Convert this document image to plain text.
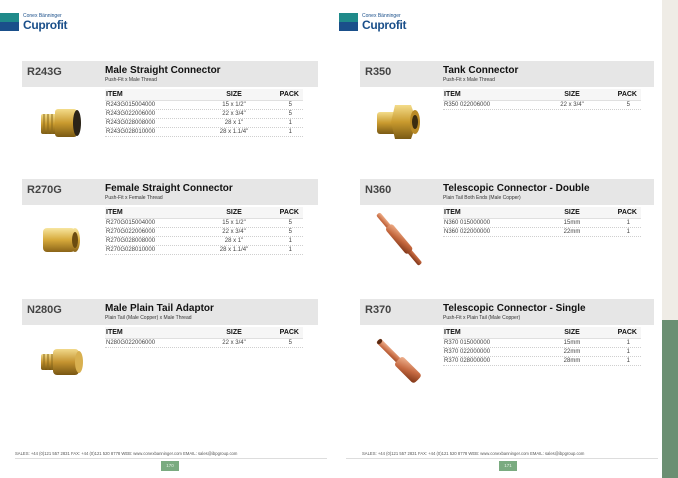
Conex Bänninger
Cuprofit
R243G	Male Straight Connector
Push-Fit x Male Thread
ITEM	SIZE	PACK
R243G015004000	15 x 1/2"	5
R243G022006000	22 x 3/4"	5
R243G028008000	28 x 1"	1
R243G028010000	28 x 1.1/4"	1
R270G	Female Straight Connector
Push-Fit x Female Thread
ITEM	SIZE	PACK
R270G015004000	15 x 1/2"	5
R270G022006000	22 x 3/4"	5
R270G028008000	28 x 1"	1
R270G028010000	28 x 1.1/4"	1
N280G	Male Plain Tail Adaptor
Plain Tail (Male Copper) x Male Thread
ITEM	SIZE	PACK
N280G022006000	22 x 3/4"	5
SALES: +44 (0)121 557 2831 FAX: +44 (0)121 520 8778 WEB: www.conexbanninger.com EMAIL: sales@ibpgroup.com
170
Conex Bänninger
Cuprofit
R350	Tank Connector
Push-Fit x Male Thread
ITEM	SIZE	PACK
R350 022006000	22 x 3/4"	5
N360	Telescopic Connector - Double
Plain Tail Both Ends (Male Copper)
ITEM	SIZE	PACK
N360 015000000	15mm	1
N360 022000000	22mm	1
R370	Telescopic Connector - Single
Push-Fit x Plain Tail (Male Copper)
ITEM	SIZE	PACK
R370 015000000	15mm	1
R370 022000000	22mm	1
R370 028000000	28mm	1
SALES: +44 (0)121 557 2831 FAX: +44 (0)121 520 8778 WEB: www.conexbanninger.com EMAIL: sales@ibpgroup.com
171
